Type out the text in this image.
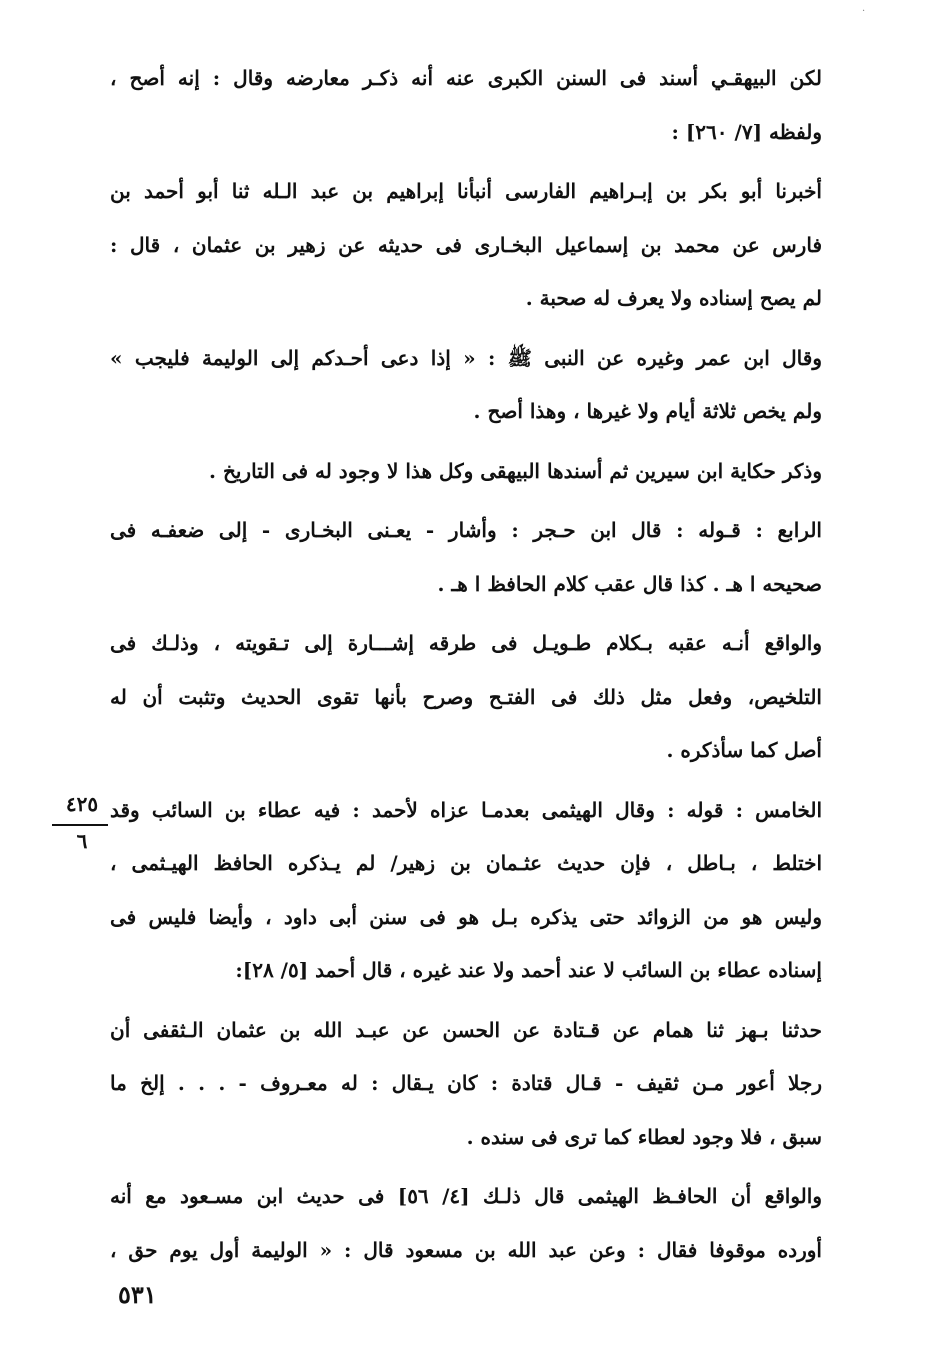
·

لكن البيهقـي أسند فى السنن الكبرى عنه أنه ذكـر معارضه وقال : إنه أصح ،
ولفظه [٧/ ٢٦٠] :

أخبرنا أبو بكر بن إبـراهيم الفارسى أنبأنا إبراهيم بن عبد الـله ثنا أبو أحمد بن
فارس عن محمد بن إسماعيل البخـارى فى حديثه عن زهير بن عثمان ، قال :
لم يصح إسناده ولا يعرف له صحبة .

وقال ابن عمر وغيره عن النبى ﷺ : « إذا دعى أحـدكم إلى الوليمة فليجب »
ولم يخص ثلاثة أيام ولا غيرها ، وهذا أصح .

وذكر حكاية ابن سيرين ثم أسندها البيهقى وكل هذا لا وجود له فى التاريخ .

الرابع : قـوله : قال ابن حـجر : وأشار - يعـنى البخـارى - إلى ضعفـه فى
صحيحه ا هـ . كذا قال عقب كلام الحافظ ا هـ .

والواقع أنـه عقبه بـكلام طـويـل فى طرقه إشـــارة إلى تـقويته ، وذلـك فى
التلخيص، وفعل مثل ذلك فى الفتـح وصرح بأنها تقوى الحديث وتثبت أن له
أصل كما سأذكره .

الخامس : قوله : وقال الهيثمى بعدمـا عزاه لأحمد : فيه عطاء بن السائب وقد
اختلط ، بـاطل ، فإن حديث عثـمان بن زهير/ لم يـذكره الحافظ الهيـثمى ،
وليس هو من الزوائد حتى يذكره بـل هو فى سنن أبى داود ، وأيضا فليس فى
إسناده عطاء بن السائب لا عند أحمد ولا عند غيره ، قال أحمد [٥/ ٢٨]:

حدثنا بـهز ثنا همام عن قـتادة عن الحسن عن عبـد الله بن عثمان الـثقفى أن
رجلا أعور مـن ثقيف - قـال قتادة : كان يـقال : له معـروف - . . . إلخ ما
سبق ، فلا وجود لعطاء كما ترى فى سنده .

والواقع أن الحافـظ الهيثمى قال ذلـك [٤/ ٥٦] فى حديث ابن مسـعود مع أنه
أورده موقوفا فقال : وعن عبد الله بن مسعود قال : « الوليمة أول يوم حق ،

٤٢٥
٦
٥٣١
